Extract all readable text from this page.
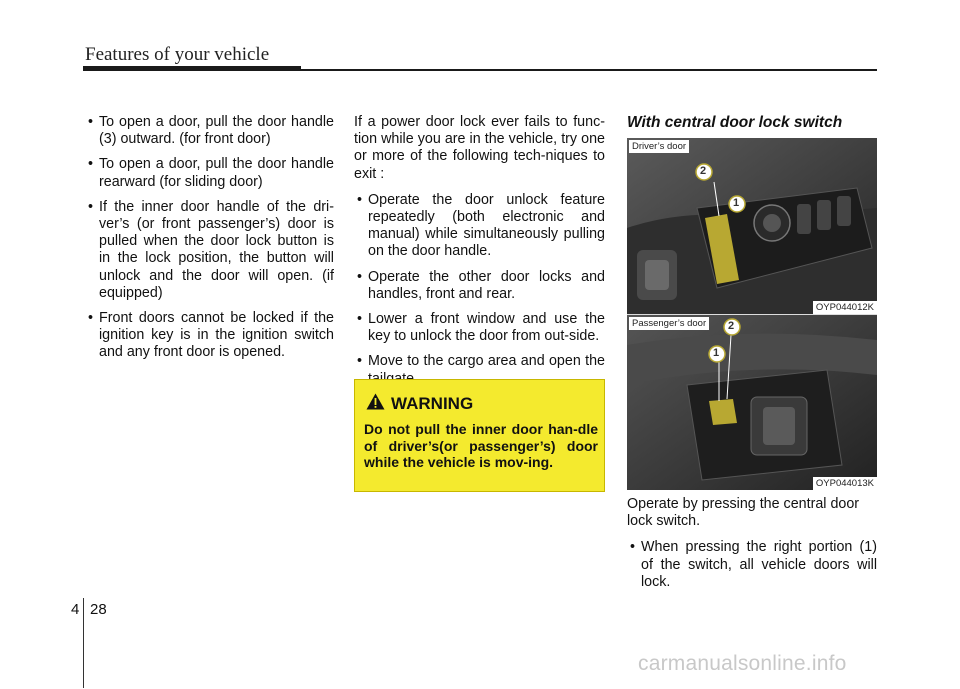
Features of your vehicle
• To open a door, pull the door handle (3) outward. (for front door)
• To open a door, pull the door handle rearward (for sliding door)
• If the inner door handle of the dri-ver’s (or front passenger’s) door is pulled when the door lock button is in the lock position, the button will unlock and the door will open. (if equipped)
• Front doors cannot be locked if the ignition key is in the ignition switch and any front door is opened.

If a power door lock ever fails to func-tion while you are in the vehicle, try one or more of the following tech-niques to exit :

• Operate the door unlock feature repeatedly (both electronic and manual) while simultaneously pulling on the door handle.
• Operate the other door locks and handles, front and rear.
• Lower a front window and use the key to unlock the door from out-side.
• Move to the cargo area and open the
WARNING
Do not pull the inner door han-dle of driver’s(or passenger’s) door while the vehicle is mov-ing.

With central door lock switch

Driver’s door
2
1
OYP044012K
Passenger’s door
1
2
OYP044013K

Operate by pressing the central door lock switch.

• When pressing the right portion (1) of the switch, all vehicle doors will lock.
4 28
carmanualsonline.info
